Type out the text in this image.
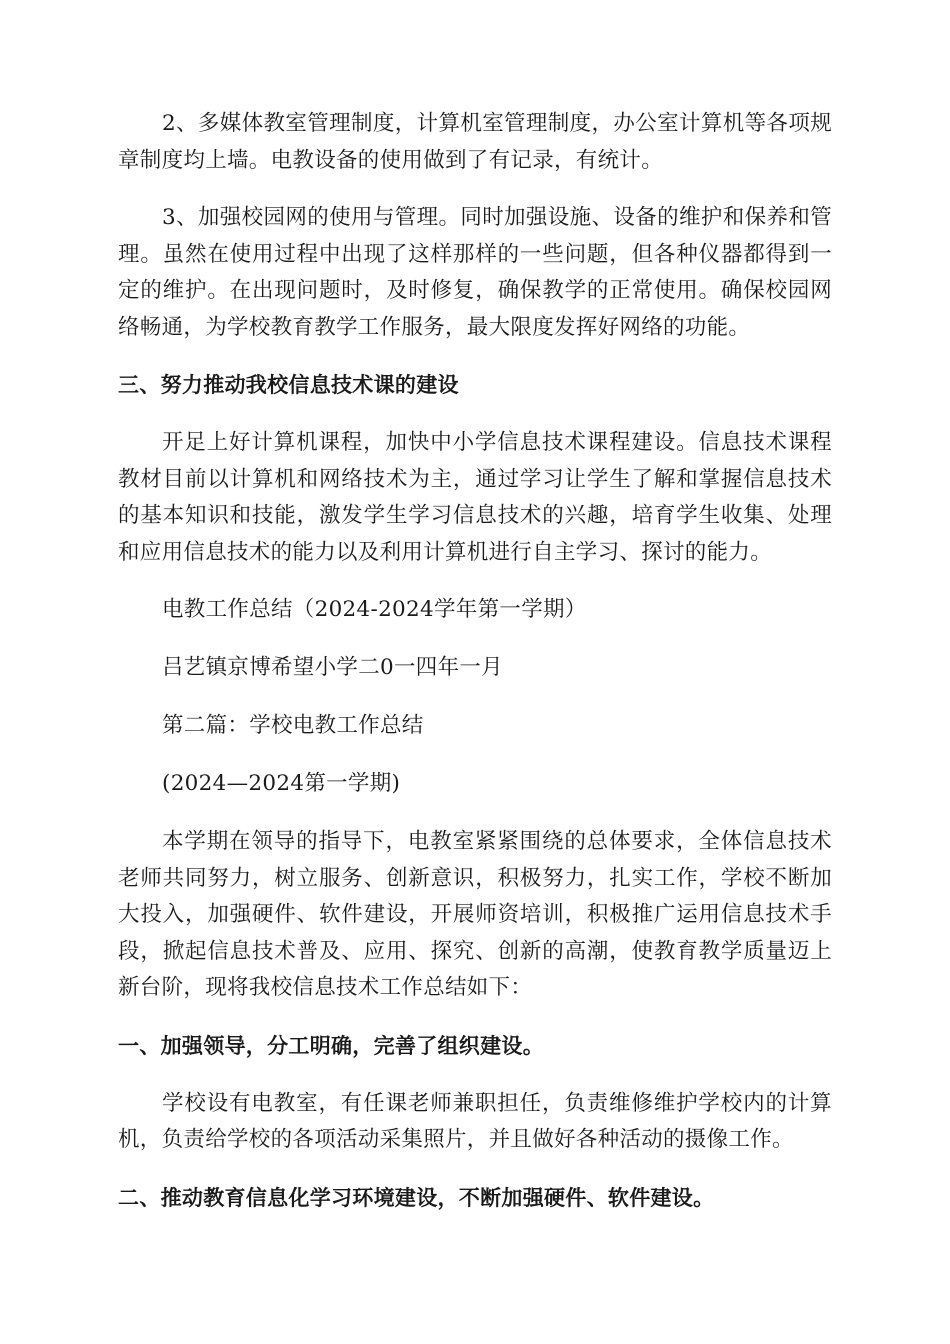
2、多媒体教室管理制度，计算机室管理制度，办公室计算机等各项规章制度均上墙。电教设备的使用做到了有记录，有统计。

3、加强校园网的使用与管理。同时加强设施、设备的维护和保养和管理。虽然在使用过程中出现了这样那样的一些问题，但各种仪器都得到一定的维护。在出现问题时，及时修复，确保教学的正常使用。确保校园网络畅通，为学校教育教学工作服务，最大限度发挥好网络的功能。

三、努力推动我校信息技术课的建设

开足上好计算机课程，加快中小学信息技术课程建设。信息技术课程教材目前以计算机和网络技术为主，通过学习让学生了解和掌握信息技术的基本知识和技能，激发学生学习信息技术的兴趣，培育学生收集、处理和应用信息技术的能力以及利用计算机进行自主学习、探讨的能力。

电教工作总结（2024-2024学年第一学期）

吕艺镇京博希望小学二0一四年一月

第二篇：学校电教工作总结

(2024—2024第一学期)

本学期在领导的指导下，电教室紧紧围绕的总体要求，全体信息技术老师共同努力，树立服务、创新意识，积极努力，扎实工作，学校不断加大投入，加强硬件、软件建设，开展师资培训，积极推广运用信息技术手段，掀起信息技术普及、应用、探究、创新的高潮，使教育教学质量迈上新台阶，现将我校信息技术工作总结如下：

一、加强领导，分工明确，完善了组织建设。

学校设有电教室，有任课老师兼职担任，负责维修维护学校内的计算机，负责给学校的各项活动采集照片，并且做好各种活动的摄像工作。

二、推动教育信息化学习环境建设，不断加强硬件、软件建设。
